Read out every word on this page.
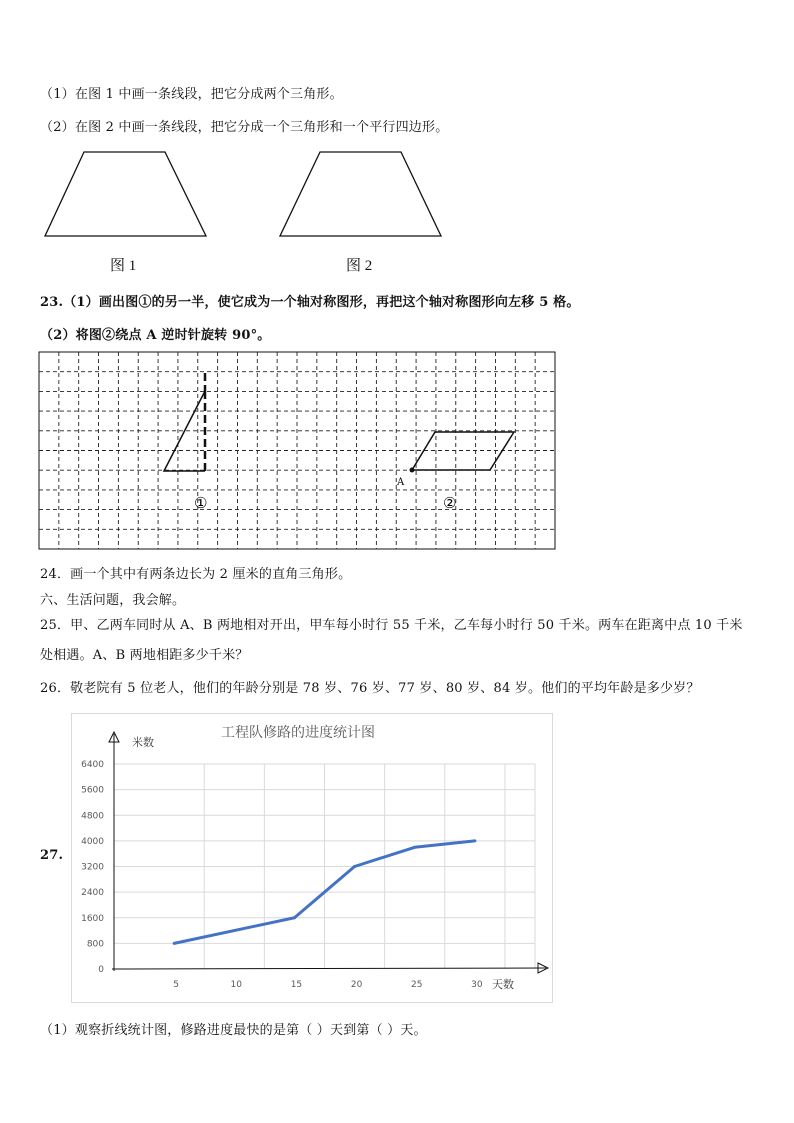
（1）在图 1 中画一条线段，把它分成两个三角形。
（2）在图 2 中画一条线段，把它分成一个三角形和一个平行四边形。
图 1	图 2
23.（1）画出图①的另一半，使它成为一个轴对称图形，再把这个轴对称图形向左移 5 格。
（2）将图②绕点 A 逆时针旋转 90°。
①
A
②
24．画一个其中有两条边长为 2 厘米的直角三角形。
六、生活问题，我会解。
25．甲、乙两车同时从 A、B 两地相对开出，甲车每小时行 55 千米，乙车每小时行 50 千米。两车在距离中点 10 千米
处相遇。A、B 两地相距多少千米？
26．敬老院有 5 位老人，他们的年龄分别是 78 岁、76 岁、77 岁、80 岁、84 岁。他们的平均年龄是多少岁？
27.
工程队修路的进度统计图
米数
天数
0
800
1600
2400
3200
4000
4800
5600
6400
5	10	15	20	25	30
（1）观察折线统计图，修路进度最快的是第（ ）天到第（ ）天。
